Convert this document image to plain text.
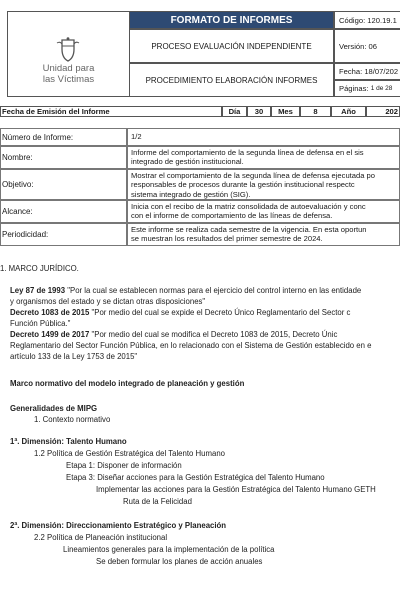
Unidad para
las Víctimas
FORMATO DE INFORMES
PROCESO EVALUACIÓN INDEPENDIENTE
PROCEDIMIENTO ELABORACIÓN INFORMES
Código: 120.19.1
Versión: 06
Fecha: 18/07/202
Páginas:
1 de 28
Fecha de Emisión del Informe	Día	30	Mes	8	Año	202
Número de Informe:	1/2
Nombre:
Informe del comportamiento de la segunda línea de defensa en el sis
integrado de gestión institucional.
Objetivo:
Mostrar el comportamiento de la segunda línea de defensa ejecutada po
responsables de procesos durante la gestión institucional respectc
sistema integrado de gestión (SIG).
Alcance:
Inicia con el recibo de la matriz consolidada de autoevaluación y conc
con el informe de comportamiento de las líneas de defensa.
Periodicidad:
Este informe se realiza cada semestre de la vigencia. En esta oportun
se muestran los resultados del primer semestre de 2024.
1. MARCO JURÍDICO.
Ley 87 de 1993 "Por la cual se establecen normas para el ejercicio del control interno en las entidade
y organismos del estado y se dictan otras disposiciones"
Decreto 1083 de 2015 "Por medio del cual se expide el Decreto Único Reglamentario del Sector c
Función Pública."
Decreto 1499 de 2017 "Por medio del cual se modifica el Decreto 1083 de 2015, Decreto Únic
Reglamentario del Sector Función Pública, en lo relacionado con el Sistema de Gestión establecido en e
artículo 133 de la Ley 1753 de 2015"
Marco normativo del modelo integrado de planeación y gestión
Generalidades de MIPG
1. Contexto normativo
1ª. Dimensión: Talento Humano
1.2 Política de Gestión Estratégica del Talento Humano
Etapa 1: Disponer de información
Etapa 3: Diseñar acciones para la Gestión Estratégica del Talento Humano
Implementar las acciones para la Gestión Estratégica del Talento Humano GETH
Ruta de la Felicidad
2ª. Dimensión: Direccionamiento Estratégico y Planeación
2.2 Política de Planeación institucional
Lineamientos generales para la implementación de la política
Se deben formular los planes de acción anuales
